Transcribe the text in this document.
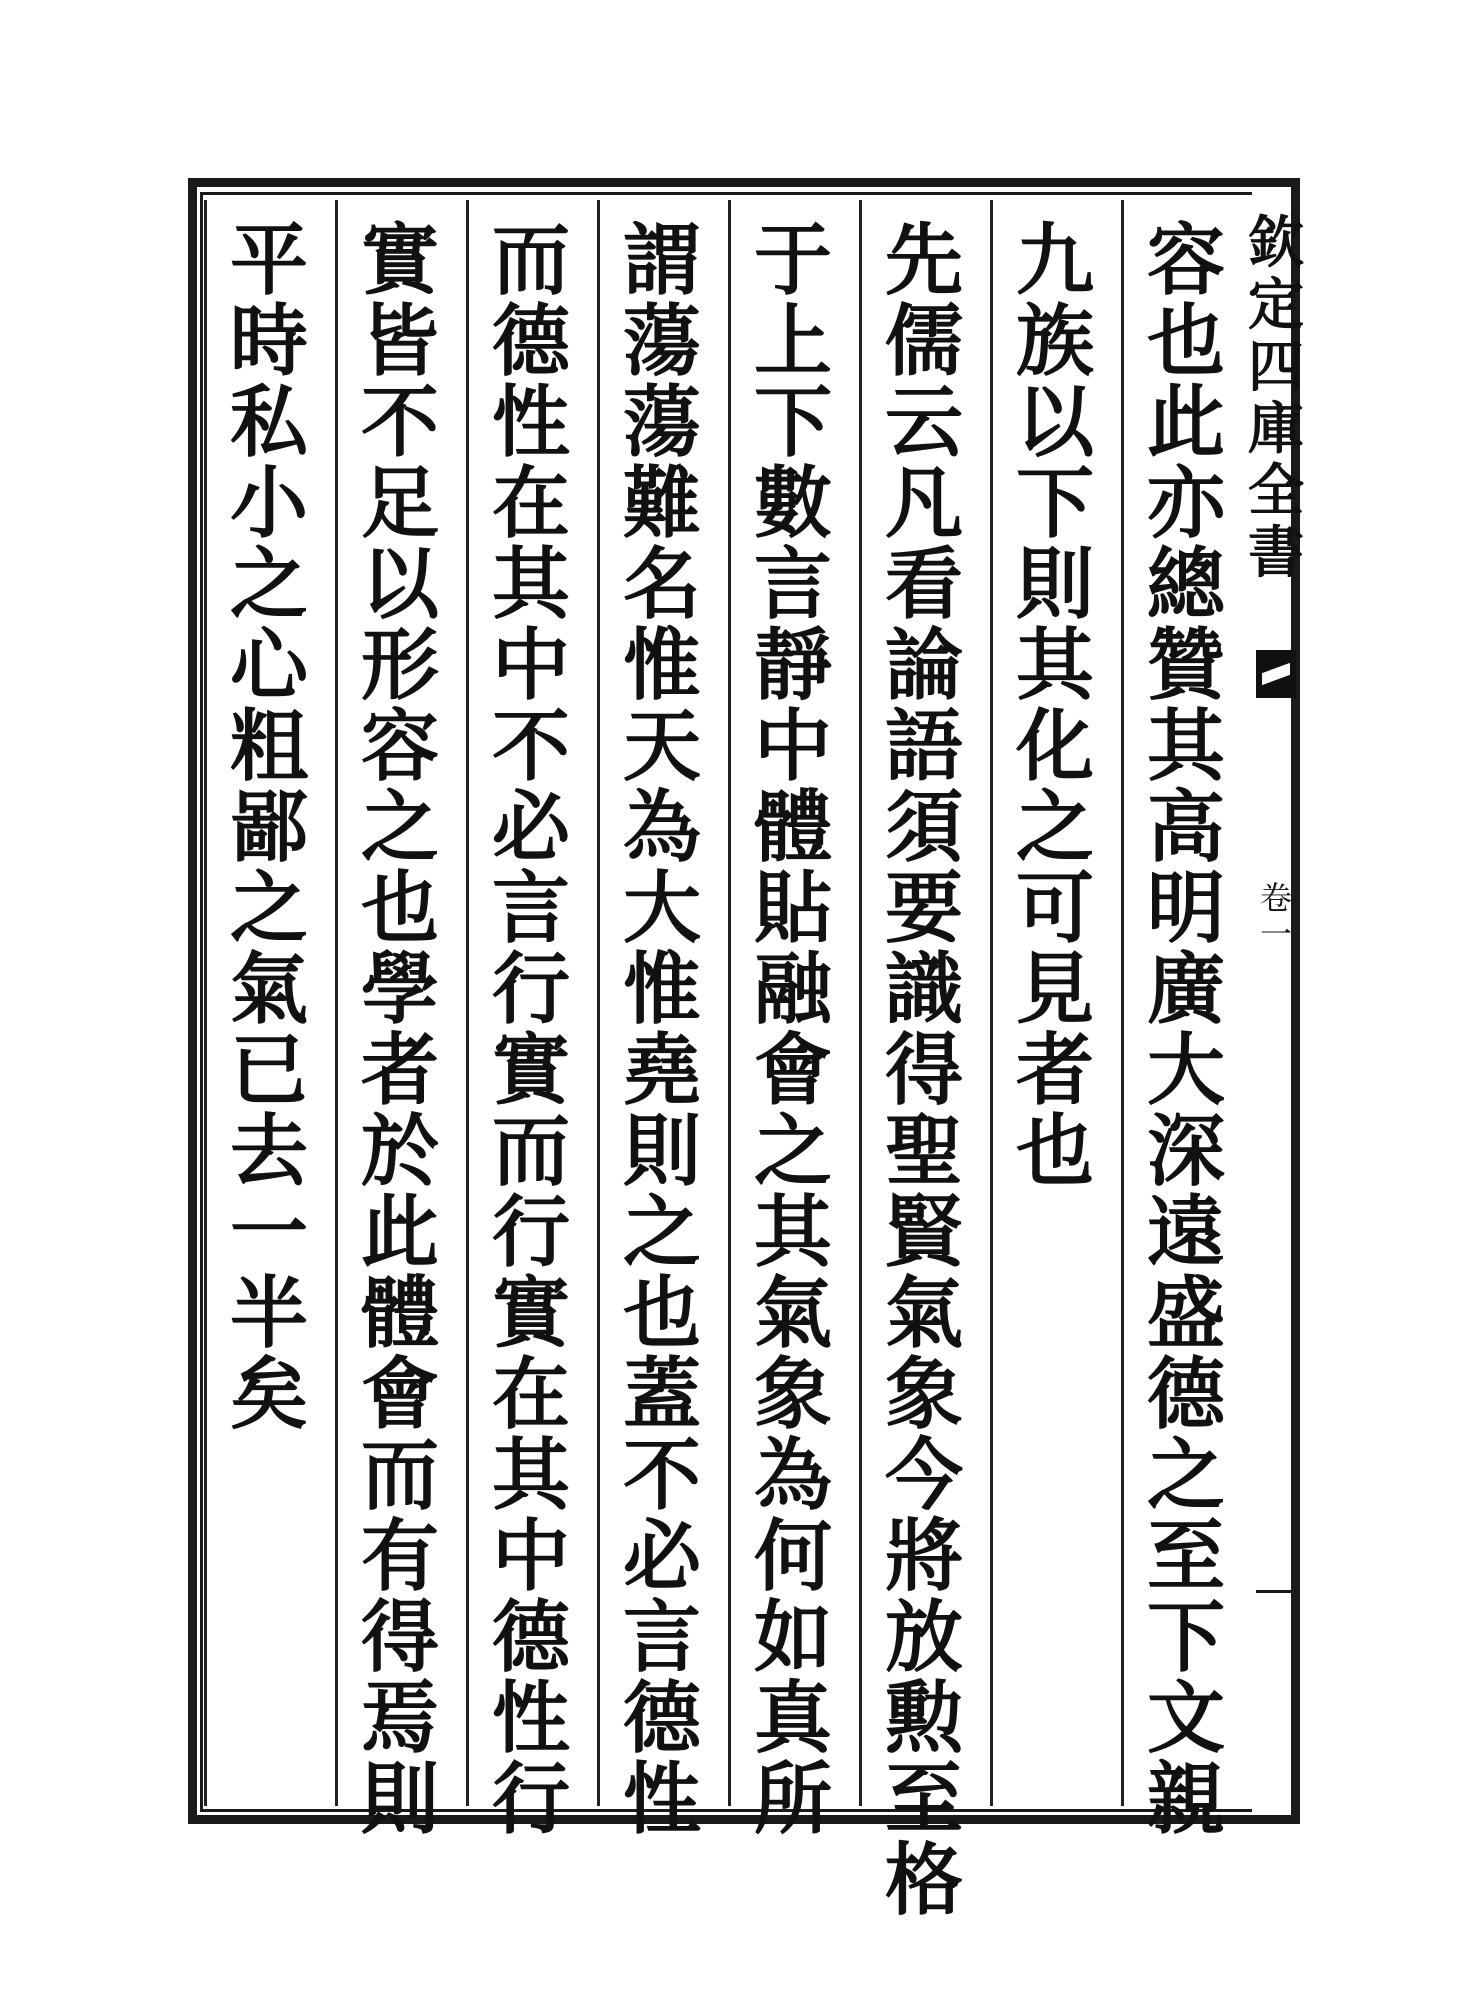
欽
定
四
庫
全
書
卷
一
容
也
此
亦
總
贊
其
高
明
廣
大
深
遠
盛
德
之
至
下
文
親
九
族
以
下
則
其
化
之
可
見
者
也
先
儒
云
凡
看
論
語
須
要
識
得
聖
賢
氣
象
今
將
放
勲
至
格
于
上
下
數
言
靜
中
體
貼
融
會
之
其
氣
象
為
何
如
真
所
謂
蕩
蕩
難
名
惟
天
為
大
惟
堯
則
之
也
蓋
不
必
言
德
性
而
德
性
在
其
中
不
必
言
行
實
而
行
實
在
其
中
德
性
行
實
皆
不
足
以
形
容
之
也
學
者
於
此
體
會
而
有
得
焉
則
平
時
私
小
之
心
粗
鄙
之
氣
已
去
一
半
矣
